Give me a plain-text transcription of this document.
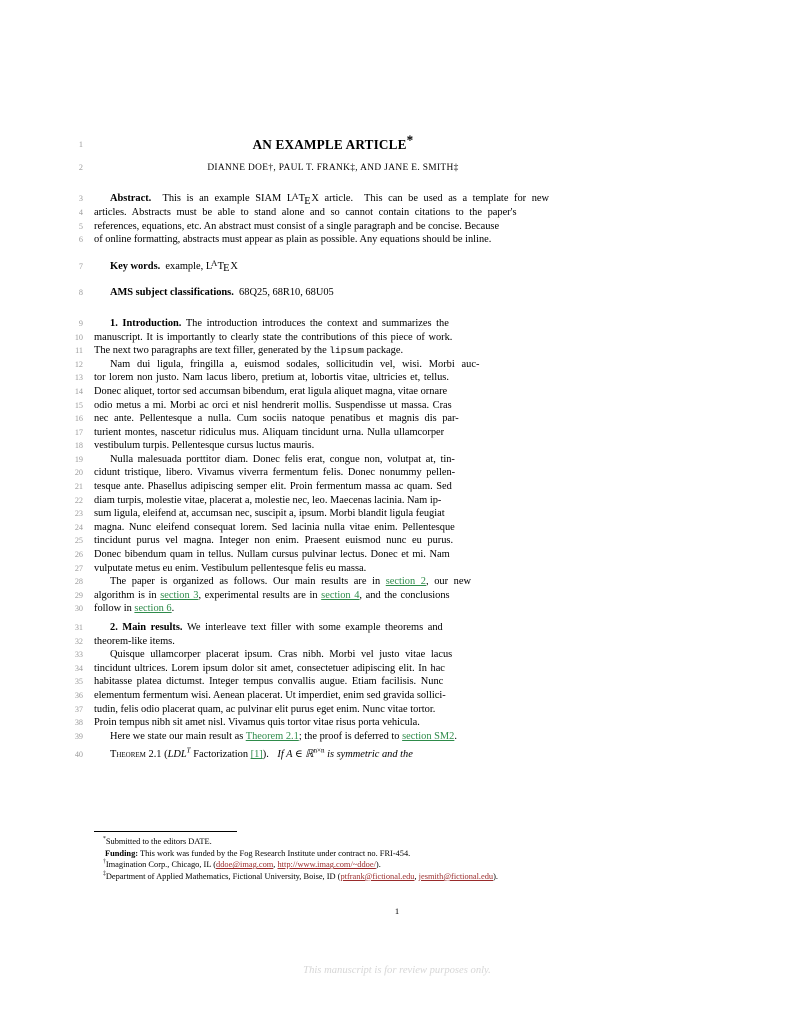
1	AN EXAMPLE ARTICLE*
2	DIANNE DOE†, PAUL T. FRANK‡, AND JANE E. SMITH‡
3	Abstract.  This is an example SIAM $L^ATEX$ article.  This can be used as a template for new
4 articles. Abstracts must be able to stand alone and so cannot contain citations to the paper's
5 references, equations, etc. An abstract must consist of a single paragraph and be concise. Because
6 of online formatting, abstracts must appear as plain as possible. Any equations should be inline.
7	Key words.  example, $L^ATEX$
8	AMS subject classifications. 68Q25, 68R10, 68U05
9	1. Introduction. The introduction introduces the context and summarizes the
10 manuscript. It is importantly to clearly state the contributions of this piece of work.
11 The next two paragraphs are text filler, generated by the lipsum package.
12	Nam dui ligula, fringilla a, euismod sodales, sollicitudin vel, wisi. Morbi auc-
13 tor lorem non justo. Nam lacus libero, pretium at, lobortis vitae, ultricies et, tellus.
14 Donec aliquet, tortor sed accumsan bibendum, erat ligula aliquet magna, vitae ornare
15 odio metus a mi. Morbi ac orci et nisl hendrerit mollis. Suspendisse ut massa. Cras
16 nec ante. Pellentesque a nulla. Cum sociis natoque penatibus et magnis dis par-
17 turient montes, nascetur ridiculus mus. Aliquam tincidunt urna. Nulla ullamcorper
18 vestibulum turpis. Pellentesque cursus luctus mauris.
19	Nulla malesuada porttitor diam. Donec felis erat, congue non, volutpat at, tin-
20 cidunt tristique, libero. Vivamus viverra fermentum felis. Donec nonummy pellen-
21 tesque ante. Phasellus adipiscing semper elit. Proin fermentum massa ac quam. Sed
22 diam turpis, molestie vitae, placerat a, molestie nec, leo. Maecenas lacinia. Nam ip-
23 sum ligula, eleifend at, accumsan nec, suscipit a, ipsum. Morbi blandit ligula feugiat
24 magna. Nunc eleifend consequat lorem. Sed lacinia nulla vitae enim. Pellentesque
25 tincidunt purus vel magna. Integer non enim. Praesent euismod nunc eu purus.
26 Donec bibendum quam in tellus. Nullam cursus pulvinar lectus. Donec et mi. Nam
27 vulputate metus eu enim. Vestibulum pellentesque felis eu massa.
28	The paper is organized as follows. Our main results are in section 2, our new
29 algorithm is in section 3, experimental results are in section 4, and the conclusions
30 follow in section 6.
31	2. Main results. We interleave text filler with some example theorems and
32 theorem-like items.
33	Quisque ullamcorper placerat ipsum. Cras nibh. Morbi vel justo vitae lacus
34 tincidunt ultrices. Lorem ipsum dolor sit amet, consectetuer adipiscing elit. In hac
35 habitasse platea dictumst. Integer tempus convallis augue. Etiam facilisis. Nunc
36 elementum fermentum wisi. Aenean placerat. Ut imperdiet, enim sed gravida sollici-
37 tudin, felis odio placerat quam, ac pulvinar elit purus eget enim. Nunc vitae tortor.
38 Proin tempus nibh sit amet nisl. Vivamus quis tortor vitae risus porta vehicula.
39	Here we state our main result as Theorem 2.1; the proof is deferred to section SM2.
40	Theorem 2.1 ($LDL^T$ Factorization [1]). If A ∈ ℝ$^{n\times n}$ is symmetric and the
*Submitted to the editors DATE.
Funding: This work was funded by the Fog Research Institute under contract no. FRI-454.
†Imagination Corp., Chicago, IL (ddoe@imag.com, http://www.imag.com/~ddoe/).
‡Department of Applied Mathematics, Fictional University, Boise, ID (ptfrank@fictional.edu, jesmith@fictional.edu).
1
This manuscript is for review purposes only.
